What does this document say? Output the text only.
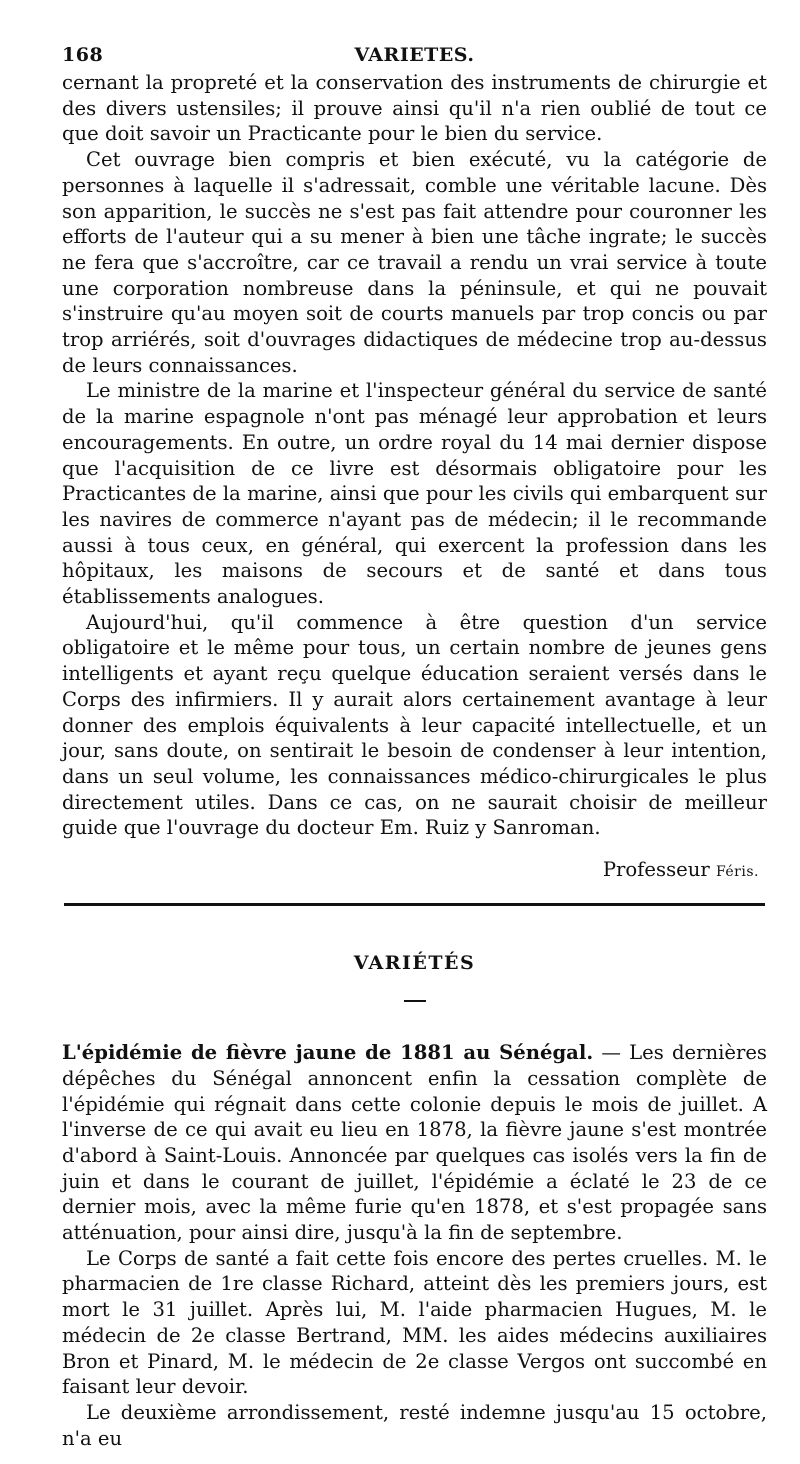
168	VARIETES.

cernant la propreté et la conservation des instruments de chirurgie et des divers ustensiles; il prouve ainsi qu'il n'a rien oublié de tout ce que doit savoir un Practicante pour le bien du service.

Cet ouvrage bien compris et bien exécuté, vu la catégorie de personnes à laquelle il s'adressait, comble une véritable lacune. Dès son apparition, le succès ne s'est pas fait attendre pour couronner les efforts de l'auteur qui a su mener à bien une tâche ingrate; le succès ne fera que s'accroître, car ce travail a rendu un vrai service à toute une corporation nombreuse dans la péninsule, et qui ne pouvait s'instruire qu'au moyen soit de courts manuels par trop concis ou par trop arriérés, soit d'ouvrages didactiques de médecine trop au-dessus de leurs connaissances.

Le ministre de la marine et l'inspecteur général du service de santé de la marine espagnole n'ont pas ménagé leur approbation et leurs encouragements. En outre, un ordre royal du 14 mai dernier dispose que l'acquisition de ce livre est désormais obligatoire pour les Practicantes de la marine, ainsi que pour les civils qui embarquent sur les navires de commerce n'ayant pas de médecin; il le recommande aussi à tous ceux, en général, qui exercent la profession dans les hôpitaux, les maisons de secours et de santé et dans tous établissements analogues.

Aujourd'hui, qu'il commence à être question d'un service obligatoire et le même pour tous, un certain nombre de jeunes gens intelligents et ayant reçu quelque éducation seraient versés dans le Corps des infirmiers. Il y aurait alors certainement avantage à leur donner des emplois équivalents à leur capacité intellectuelle, et un jour, sans doute, on sentirait le besoin de condenser à leur intention, dans un seul volume, les connaissances médico-chirurgicales le plus directement utiles. Dans ce cas, on ne saurait choisir de meilleur guide que l'ouvrage du docteur Em. Ruiz y Sanroman.

Professeur Féris.
VARIÉTÉS

L'épidémie de fièvre jaune de 1881 au Sénégal. — Les dernières dépêches du Sénégal annoncent enfin la cessation complète de l'épidémie qui régnait dans cette colonie depuis le mois de juillet. A l'inverse de ce qui avait eu lieu en 1878, la fièvre jaune s'est montrée d'abord à Saint-Louis. Annoncée par quelques cas isolés vers la fin de juin et dans le courant de juillet, l'épidémie a éclaté le 23 de ce dernier mois, avec la même furie qu'en 1878, et s'est propagée sans atténuation, pour ainsi dire, jusqu'à la fin de septembre.

Le Corps de santé a fait cette fois encore des pertes cruelles. M. le pharmacien de 1re classe Richard, atteint dès les premiers jours, est mort le 31 juillet. Après lui, M. l'aide pharmacien Hugues, M. le médecin de 2e classe Bertrand, MM. les aides médecins auxiliaires Bron et Pinard, M. le médecin de 2e classe Vergos ont succombé en faisant leur devoir.

Le deuxième arrondissement, resté indemne jusqu'au 15 octobre, n'a eu
